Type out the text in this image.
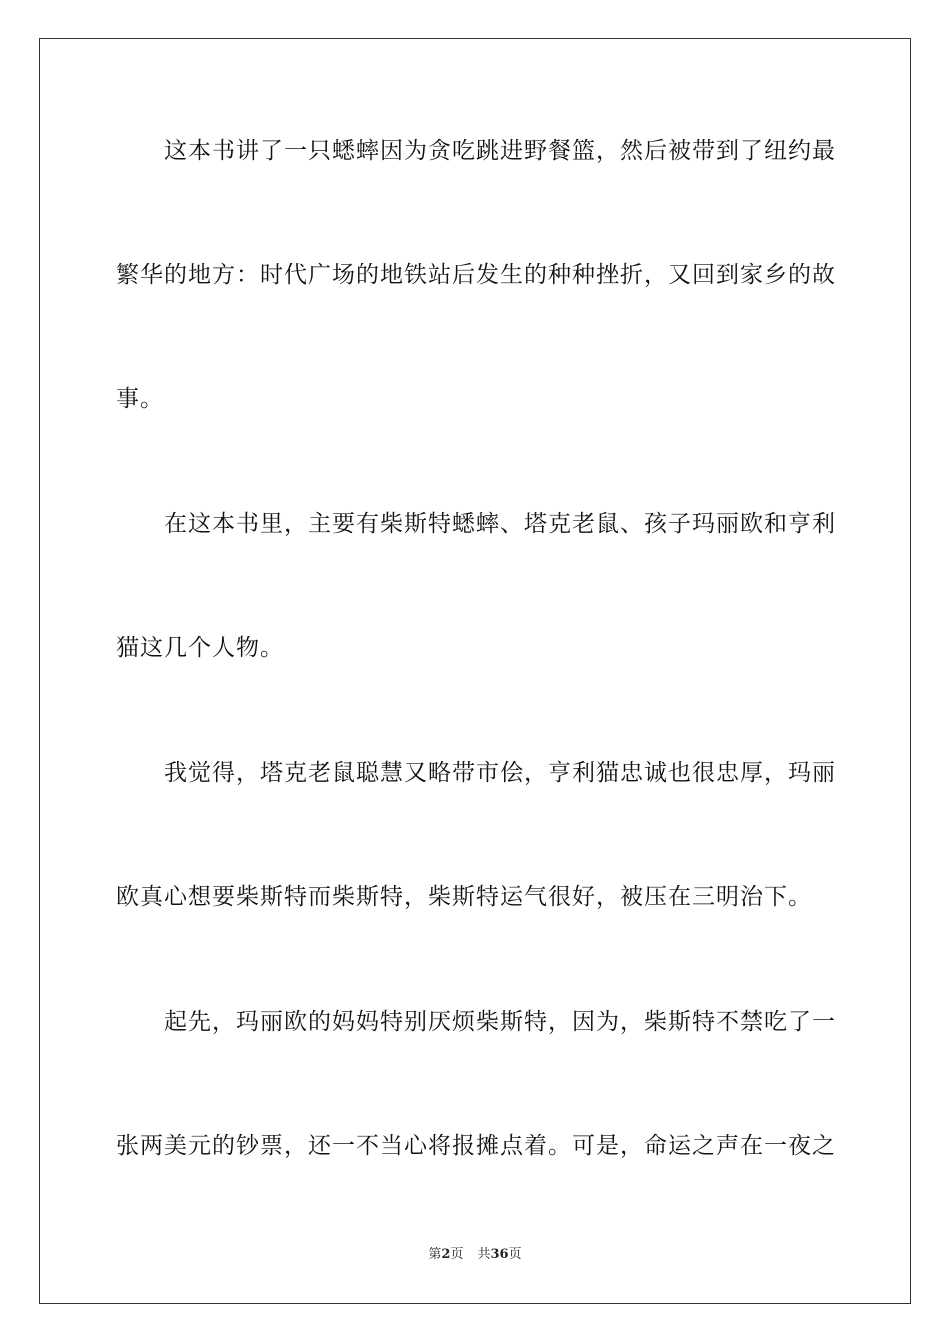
这本书讲了一只蟋蟀因为贪吃跳进野餐篮，然后被带到了纽约最
繁华的地方：时代广场的地铁站后发生的种种挫折，又回到家乡的故
事。
在这本书里，主要有柴斯特蟋蟀、塔克老鼠、孩子玛丽欧和亨利
猫这几个人物。
我觉得，塔克老鼠聪慧又略带市侩，亨利猫忠诚也很忠厚，玛丽
欧真心想要柴斯特而柴斯特，柴斯特运气很好，被压在三明治下。
起先，玛丽欧的妈妈特别厌烦柴斯特，因为，柴斯特不禁吃了一
张两美元的钞票，还一不当心将报摊点着。可是，命运之声在一夜之
第2页 共36页
